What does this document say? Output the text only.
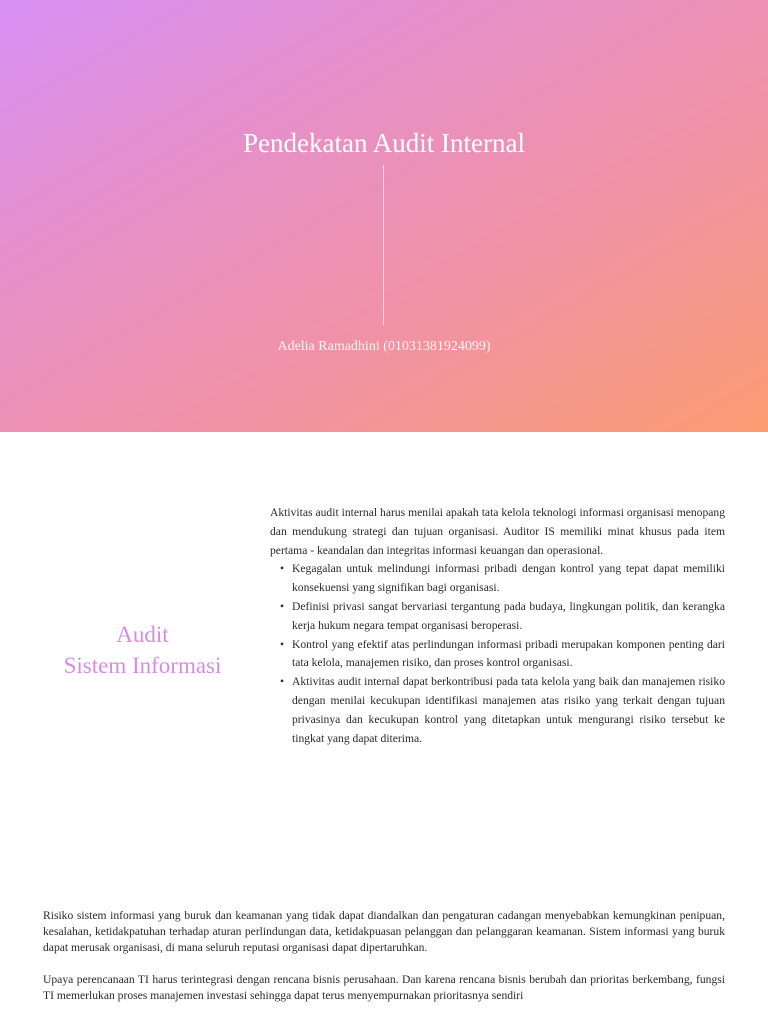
Pendekatan Audit Internal
Adelia Ramadhini (01031381924099)
Audit
Sistem Informasi

Aktivitas audit internal harus menilai apakah tata kelola teknologi informasi organisasi menopang dan mendukung strategi dan tujuan organisasi. Auditor IS memiliki minat khusus pada item pertama - keandalan dan integritas informasi keuangan dan operasional.

• Kegagalan untuk melindungi informasi pribadi dengan kontrol yang tepat dapat memiliki konsekuensi yang signifikan bagi organisasi.
• Definisi privasi sangat bervariasi tergantung pada budaya, lingkungan politik, dan kerangka kerja hukum negara tempat organisasi beroperasi.
• Kontrol yang efektif atas perlindungan informasi pribadi merupakan komponen penting dari tata kelola, manajemen risiko, dan proses kontrol organisasi.
• Aktivitas audit internal dapat berkontribusi pada tata kelola yang baik dan manajemen risiko dengan menilai kecukupan identifikasi manajemen atas risiko yang terkait dengan tujuan privasinya dan kecukupan kontrol yang ditetapkan untuk mengurangi risiko tersebut ke tingkat yang dapat diterima.

Risiko sistem informasi yang buruk dan keamanan yang tidak dapat diandalkan dan pengaturan cadangan menyebabkan kemungkinan penipuan, kesalahan, ketidakpatuhan terhadap aturan perlindungan data, ketidakpuasan pelanggan dan pelanggaran keamanan. Sistem informasi yang buruk dapat merusak organisasi, di mana seluruh reputasi organisasi dapat dipertaruhkan.

Upaya perencanaan TI harus terintegrasi dengan rencana bisnis perusahaan. Dan karena rencana bisnis berubah dan prioritas berkembang, fungsi TI memerlukan proses manajemen investasi sehingga dapat terus menyempurnakan prioritasnya sendiri
